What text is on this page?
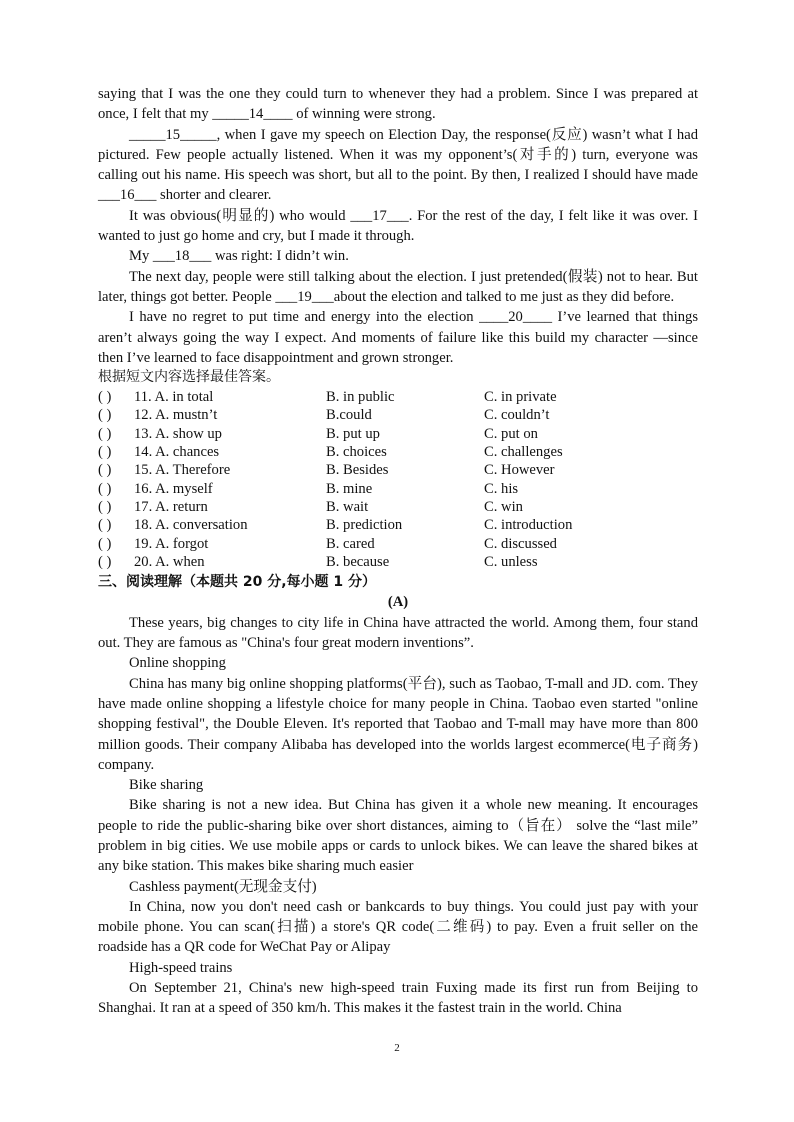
saying that I was the one they could turn to whenever they had a problem. Since I was prepared at once, I felt that my _____14____ of winning were strong.

_____15_____, when I gave my speech on Election Day, the response(反应) wasn’t what I had pictured. Few people actually listened. When it was my opponent’s(对手的) turn, everyone was calling out his name. His speech was short, but all to the point. By then, I realized I should have made ___16___ shorter and clearer.

It was obvious(明显的) who would ___17___. For the rest of the day, I felt like it was over. I wanted to just go home and cry, but I made it through.

My ___18___ was right: I didn’t win.

The next day, people were still talking about the election. I just pretended(假装) not to hear. But later, things got better. People ___19___about the election and talked to me just as they did before.

I have no regret to put time and energy into the election ____20____ I’ve learned that things aren’t always going the way I expect. And moments of failure like this build my character —since then I’ve learned to face disappointment and grown stronger.

根据短文内容选择最佳答案。
( ) 11. A. in total	B. in public	C. in private
( ) 12. A. mustn’t	B.could	C. couldn’t
( ) 13. A. show up	B. put up	C. put on
( ) 14. A. chances	B. choices	C. challenges
( ) 15. A. Therefore	B. Besides	C. However
( ) 16. A. myself	B. mine	C. his
( ) 17. A. return	B. wait	C. win
( ) 18. A. conversation	B. prediction	C. introduction
( ) 19. A. forgot	B. cared	C. discussed
( ) 20. A. when	B. because	C. unless
三、阅读理解（本题共 20 分,每小题 1 分）
(A)

These years, big changes to city life in China have attracted the world. Among them, four stand out. They are famous as "China's four great modern inventions”.

Online shopping

China has many big online shopping platforms(平台), such as Taobao, T-mall and JD. com. They have made online shopping a lifestyle choice for many people in China. Taobao even started "online shopping festival", the Double Eleven. It's reported that Taobao and T-mall may have more than 800 million goods. Their company Alibaba has developed into the worlds largest ecommerce(电子商务) company.

Bike sharing

Bike sharing is not a new idea. But China has given it a whole new meaning. It encourages people to ride the public-sharing bike over short distances, aiming to（旨在） solve the “last mile” problem in big cities. We use mobile apps or cards to unlock bikes. We can leave the shared bikes at any bike station. This makes bike sharing much easier

Cashless payment(无现金支付)

In China, now you don't need cash or bankcards to buy things. You could just pay with your mobile phone. You can scan(扫描) a store's QR code(二维码) to pay. Even a fruit seller on the roadside has a QR code for WeChat Pay or Alipay

High-speed trains

On September 21, China's new high-speed train Fuxing made its first run from Beijing to Shanghai. It ran at a speed of 350 km/h. This makes it the fastest train in the world. China

2
